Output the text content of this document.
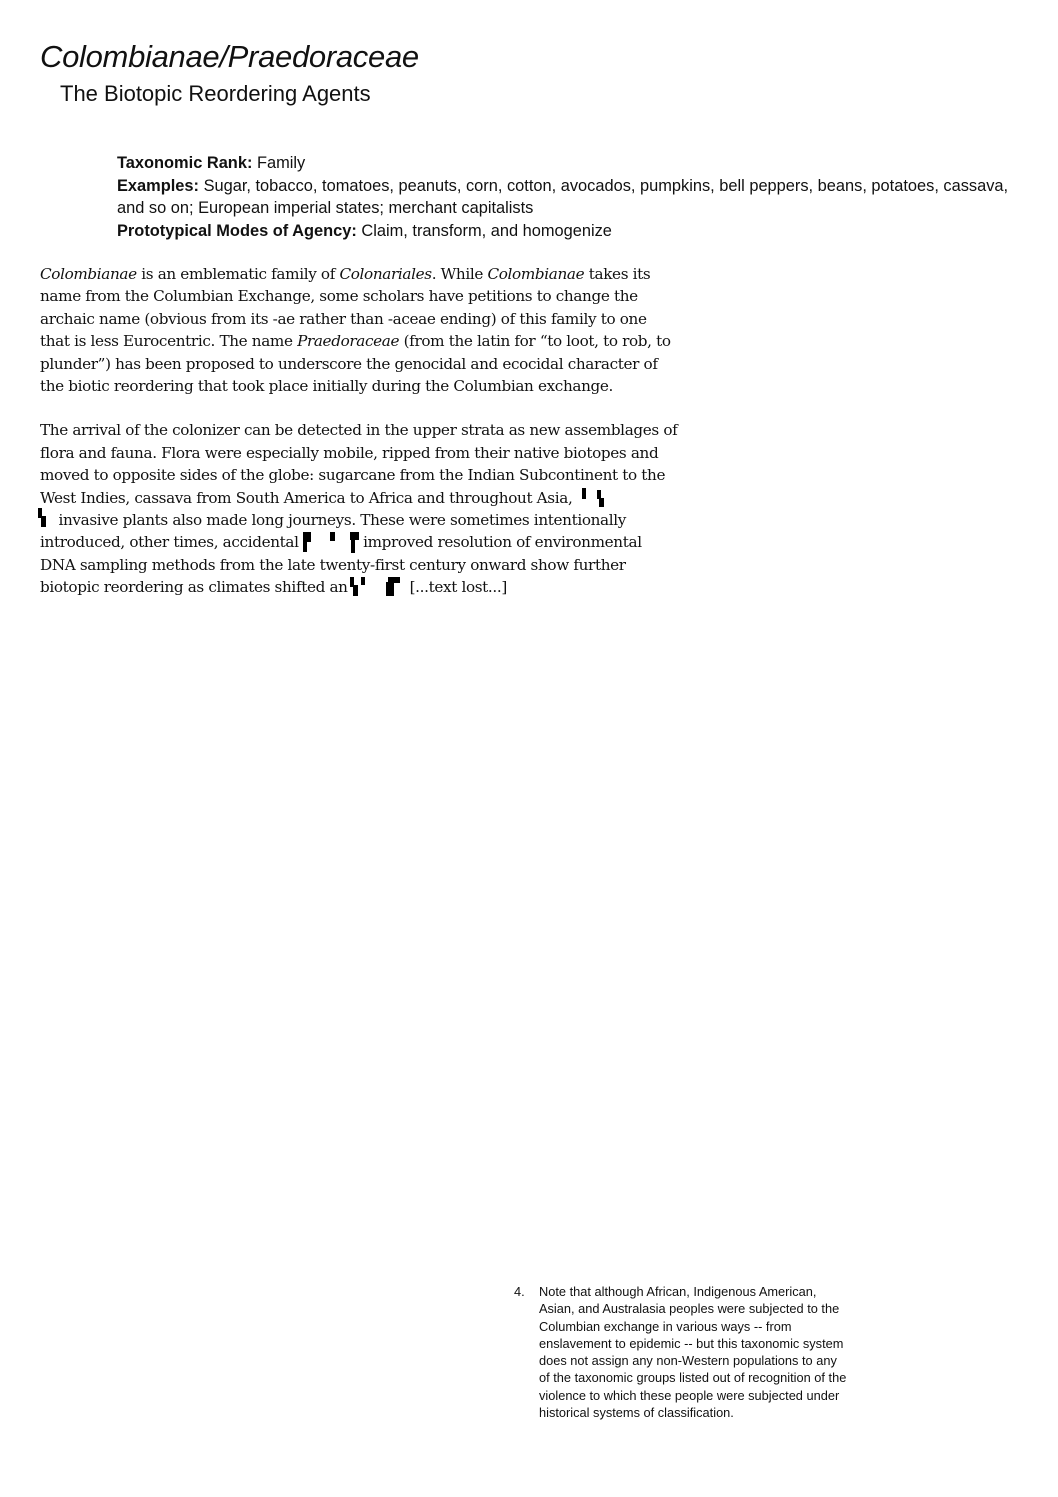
Colombianae/Praedoraceae
The Biotopic Reordering Agents
Taxonomic Rank: Family
Examples: Sugar, tobacco, tomatoes, peanuts, corn, cotton, avocados, pumpkins, bell peppers, beans, potatoes, cassava, and so on; European imperial states; merchant capitalists
Prototypical Modes of Agency: Claim, transform, and homogenize

Colombianae is an emblematic family of Colonariales. While Colombianae takes its name from the Columbian Exchange, some scholars have petitions to change the archaic name (obvious from its -ae rather than -aceae ending) of this family to one that is less Eurocentric. The name Praedoraceae (from the latin for “to loot, to rob, to plunder”) has been proposed to underscore the genocidal and ecocidal character of the biotic reordering that took place initially during the Columbian exchange.

The arrival of the colonizer can be detected in the upper strata as new assemblages of flora and fauna. Flora were especially mobile, ripped from their native biotopes and moved to opposite sides of the globe: sugarcane from the Indian Subcontinent to the West Indies, cassava from South America to Africa and throughout Asia,

invasive plants also made long journeys. These were sometimes intentionally introduced, other times, accidental	improved resolution of environmental DNA sampling methods from the late twenty-first century onward show further biotopic reordering as climates shifted an	[...text lost...]

4.	Note that although African, Indigenous American, Asian, and Australasia peoples were subjected to the Columbian exchange in various ways -- from enslavement to epidemic -- but this taxonomic system does not assign any non-Western populations to any of the taxonomic groups listed out of recognition of the violence to which these people were subjected under historical systems of classification.
